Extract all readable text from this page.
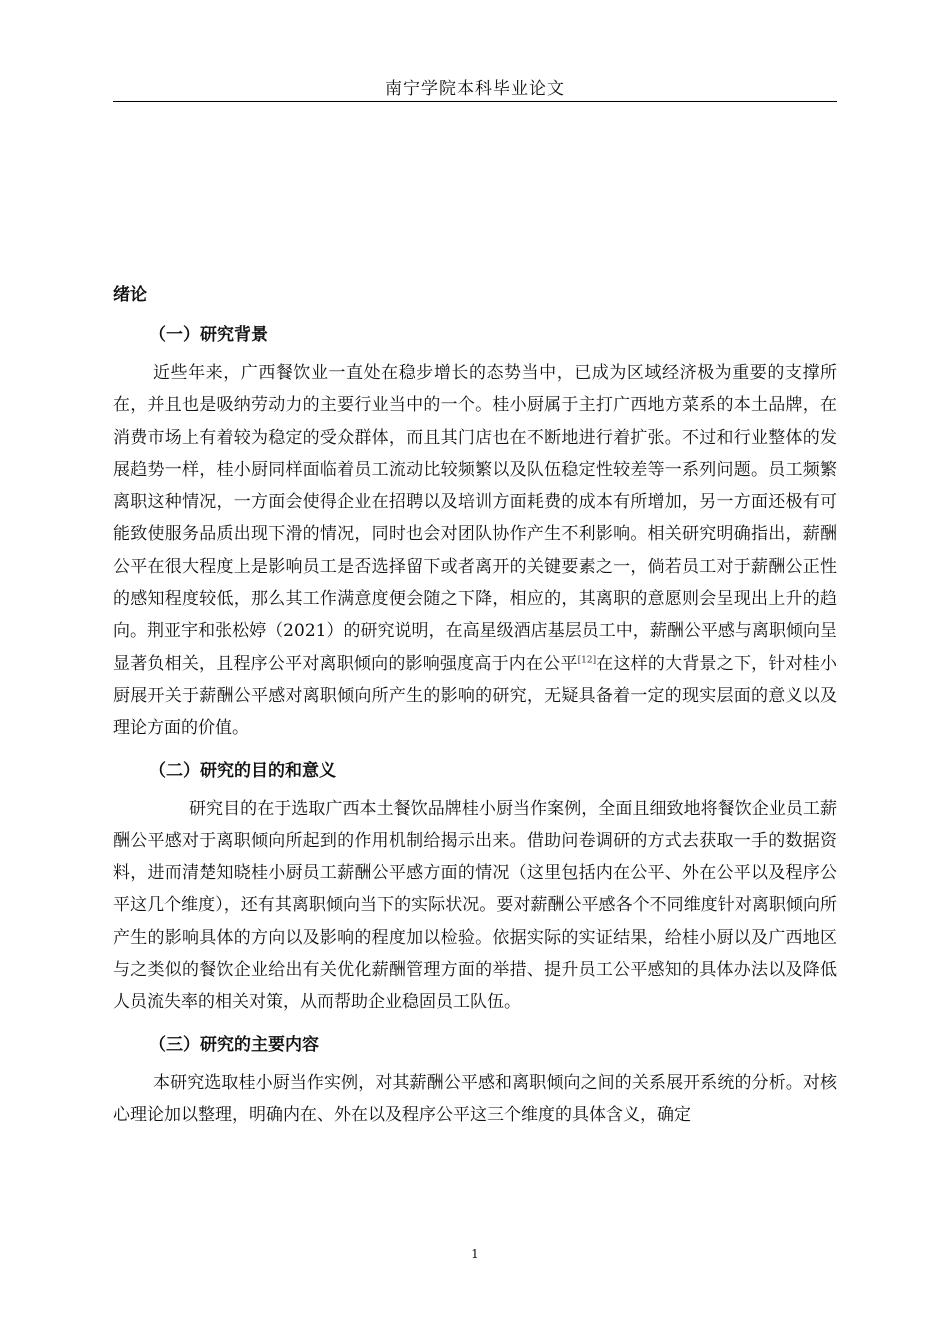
南宁学院本科毕业论文
绪论
（一）研究背景

近些年来，广西餐饮业一直处在稳步增长的态势当中，已成为区域经济极为重要的支撑所在，并且也是吸纳劳动力的主要行业当中的一个。桂小厨属于主打广西地方菜系的本土品牌，在消费市场上有着较为稳定的受众群体，而且其门店也在不断地进行着扩张。不过和行业整体的发展趋势一样，桂小厨同样面临着员工流动比较频繁以及队伍稳定性较差等一系列问题。员工频繁离职这种情况，一方面会使得企业在招聘以及培训方面耗费的成本有所增加，另一方面还极有可能致使服务品质出现下滑的情况，同时也会对团队协作产生不利影响。相关研究明确指出，薪酬公平在很大程度上是影响员工是否选择留下或者离开的关键要素之一，倘若员工对于薪酬公正性的感知程度较低，那么其工作满意度便会随之下降，相应的，其离职的意愿则会呈现出上升的趋向。荆亚宇和张松婷（2021）的研究说明，在高星级酒店基层员工中，薪酬公平感与离职倾向呈显著负相关，且程序公平对离职倾向的影响强度高于内在公平[12]在这样的大背景之下，针对桂小厨展开关于薪酬公平感对离职倾向所产生的影响的研究，无疑具备着一定的现实层面的意义以及理论方面的价值。

（二）研究的目的和意义

研究目的在于选取广西本土餐饮品牌桂小厨当作案例，全面且细致地将餐饮企业员工薪酬公平感对于离职倾向所起到的作用机制给揭示出来。借助问卷调研的方式去获取一手的数据资料，进而清楚知晓桂小厨员工薪酬公平感方面的情况（这里包括内在公平、外在公平以及程序公平这几个维度），还有其离职倾向当下的实际状况。要对薪酬公平感各个不同维度针对离职倾向所产生的影响具体的方向以及影响的程度加以检验。依据实际的实证结果，给桂小厨以及广西地区与之类似的餐饮企业给出有关优化薪酬管理方面的举措、提升员工公平感知的具体办法以及降低人员流失率的相关对策，从而帮助企业稳固员工队伍。

（三）研究的主要内容

本研究选取桂小厨当作实例，对其薪酬公平感和离职倾向之间的关系展开系统的分析。对核心理论加以整理，明确内在、外在以及程序公平这三个维度的具体含义，确定

1
